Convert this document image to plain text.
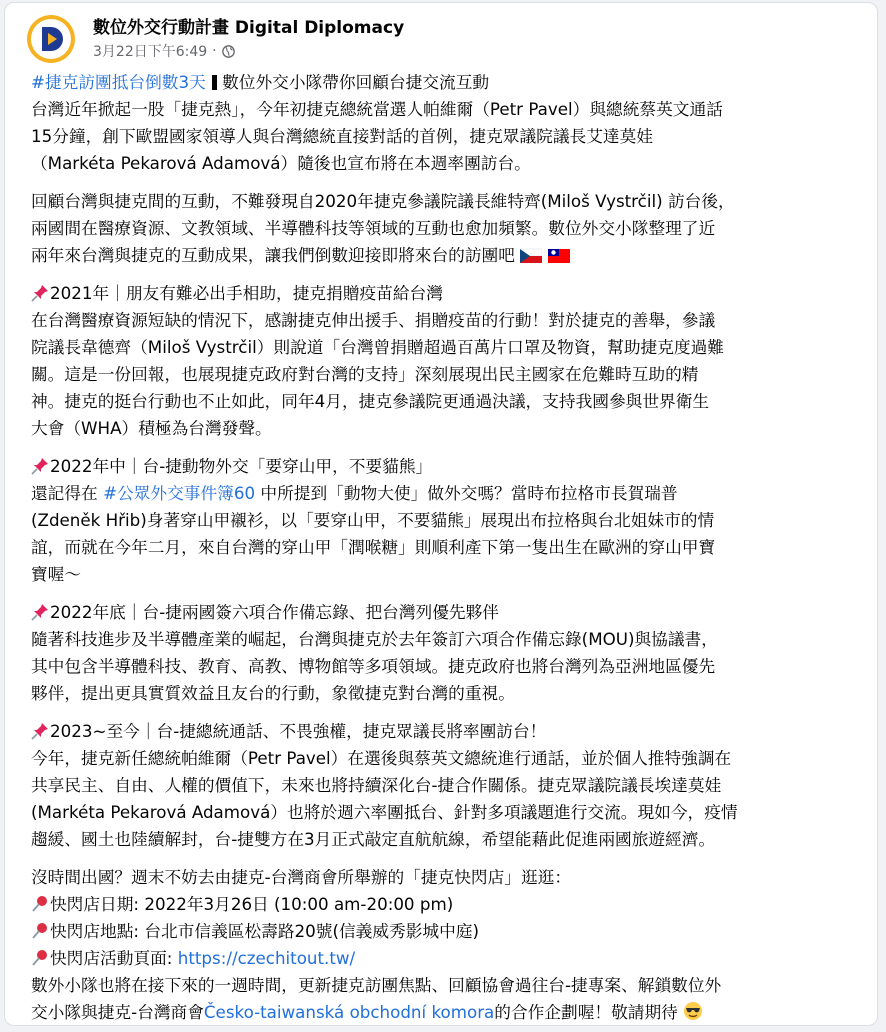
數位外交行動計畫 Digital Diplomacy
3月22日下午6:49 ·
#捷克訪團抵台倒數3天 數位外交小隊帶你回顧台捷交流互動
台灣近年掀起一股「捷克熱」，今年初捷克總統當選人帕維爾（Petr Pavel）與總統蔡英文通話
15分鐘，創下歐盟國家領導人與台灣總統直接對話的首例，捷克眾議院議長艾達莫娃
（Markéta Pekarová Adamová）隨後也宣布將在本週率團訪台。
回顧台灣與捷克間的互動，不難發現自2020年捷克參議院議長維特齊(Miloš Vystrčil) 訪台後，
兩國間在醫療資源、文教領域、半導體科技等領域的互動也愈加頻繁。數位外交小隊整理了近
兩年來台灣與捷克的互動成果，讓我們倒數迎接即將來台的訪團吧
2021年｜朋友有難必出手相助，捷克捐贈疫苗給台灣
在台灣醫療資源短缺的情況下，感謝捷克伸出援手、捐贈疫苗的行動！對於捷克的善舉，參議
院議長韋德齊（Miloš Vystrčil）則說道「台灣曾捐贈超過百萬片口罩及物資，幫助捷克度過難
關。這是一份回報，也展現捷克政府對台灣的支持」深刻展現出民主國家在危難時互助的精
神。捷克的挺台行動也不止如此，同年4月，捷克參議院更通過決議，支持我國參與世界衛生
大會（WHA）積極為台灣發聲。
2022年中｜台-捷動物外交「要穿山甲，不要貓熊」
還記得在 #公眾外交事件簿60 中所提到「動物大使」做外交嗎？當時布拉格市長賀瑞普
(Zdeněk Hřib)身著穿山甲襯衫，以「要穿山甲，不要貓熊」展現出布拉格與台北姐妹市的情
誼，而就在今年二月，來自台灣的穿山甲「潤喉糖」則順利產下第一隻出生在歐洲的穿山甲寶
寶喔～
2022年底｜台-捷兩國簽六項合作備忘錄、把台灣列優先夥伴
隨著科技進步及半導體產業的崛起，台灣與捷克於去年簽訂六項合作備忘錄(MOU)與協議書，
其中包含半導體科技、教育、高教、博物館等多項領域。捷克政府也將台灣列為亞洲地區優先
夥伴，提出更具實質效益且友台的行動，象徵捷克對台灣的重視。
2023~至今｜台-捷總統通話、不畏強權，捷克眾議長將率團訪台！
今年，捷克新任總統帕維爾（Petr Pavel）在選後與蔡英文總統進行通話，並於個人推特強調在
共享民主、自由、人權的價值下，未來也將持續深化台-捷合作關係。捷克眾議院議長埃達莫娃
(Markéta Pekarová Adamová）也將於週六率團抵台、針對多項議題進行交流。現如今，疫情
趨緩、國土也陸續解封，台-捷雙方在3月正式敲定直航航線，希望能藉此促進兩國旅遊經濟。
沒時間出國？週末不妨去由捷克-台灣商會所舉辦的「捷克快閃店」逛逛：
快閃店日期: 2022年3月26日 (10:00 am-20:00 pm)
快閃店地點: 台北市信義區松壽路20號(信義威秀影城中庭)
快閃店活動頁面: https://czechitout.tw/
數外小隊也將在接下來的一週時間，更新捷克訪團焦點、回顧協會過往台-捷專案、解鎖數位外
交小隊與捷克-台灣商會Česko-taiwanská obchodní komora的合作企劃喔！敬請期待
